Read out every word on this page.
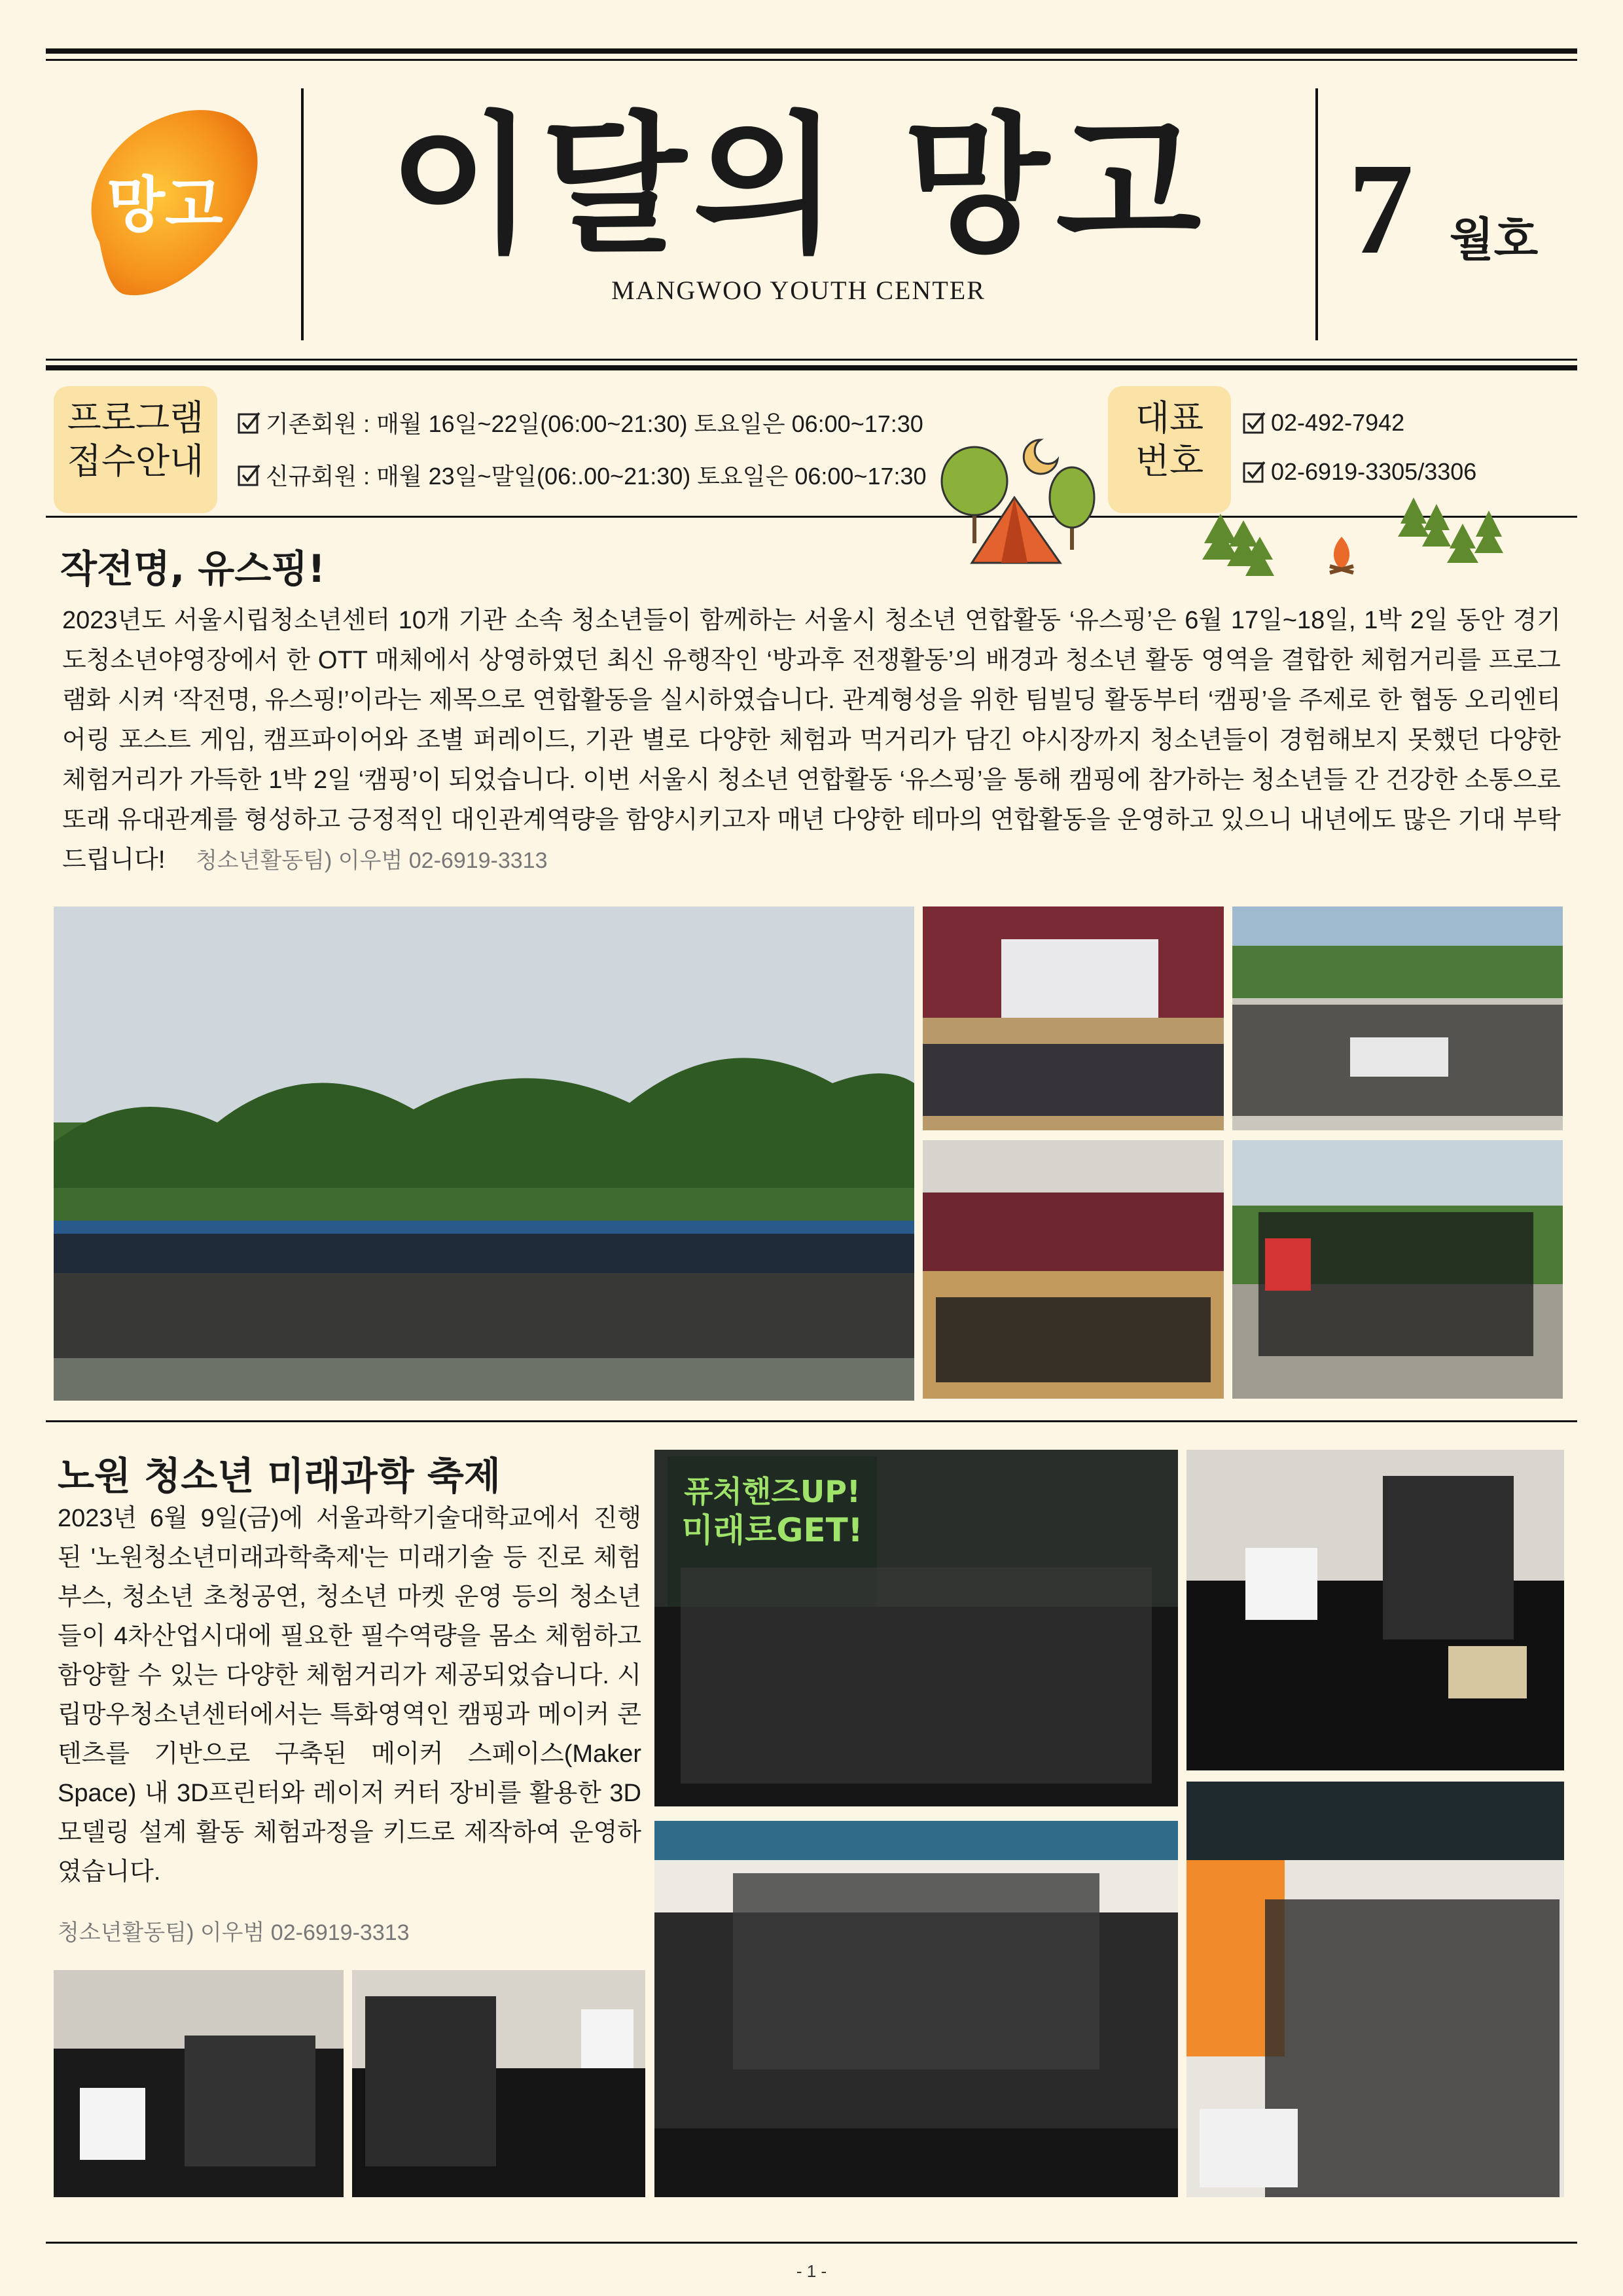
망고	이달의 망고
MANGWOO YOUTH CENTER
7 월호
프로그램
접수안내
기존회원 : 매월 16일~22일(06:00~21:30) 토요일은 06:00~17:30
신규회원 : 매월 23일~말일(06:.00~21:30) 토요일은 06:00~17:30
대표
번호
02-492-7942
02-6919-3305/3306
작전명, 유스핑!
2023년도 서울시립청소년센터 10개 기관 소속 청소년들이 함께하는 서울시 청소년 연합활동 ‘유스핑’은 6월 17일~18일, 1박 2일 동안 경기도청소년야영장에서 한 OTT 매체에서 상영하였던 최신 유행작인 ‘방과후 전쟁활동’의 배경과 청소년 활동 영역을 결합한 체험거리를 프로그램화 시켜 ‘작전명, 유스핑!’이라는 제목으로 연합활동을 실시하였습니다. 관계형성을 위한 팀빌딩 활동부터 ‘캠핑’을 주제로 한 협동 오리엔티어링 포스트 게임, 캠프파이어와 조별 퍼레이드, 기관 별로 다양한 체험과 먹거리가 담긴 야시장까지 청소년들이 경험해보지 못했던 다양한 체험거리가 가득한 1박 2일 ‘캠핑’이 되었습니다. 이번 서울시 청소년 연합활동 ‘유스핑’을 통해 캠핑에 참가하는 청소년들 간 건강한 소통으로 또래 유대관계를 형성하고 긍정적인 대인관계역량을 함양시키고자 매년 다양한 테마의 연합활동을 운영하고 있으니 내년에도 많은 기대 부탁드립니다! 청소년활동팀) 이우범 02-6919-3313
노원 청소년 미래과학 축제
2023년 6월 9일(금)에 서울과학기술대학교에서 진행 된 '노원청소년미래과학축제'는 미래기술 등 진로 체험 부스, 청소년 초청공연, 청소년 마켓 운영 등의 청소년들이 4차산업시대에 필요한 필수역량을 몸소 체험하고 함양할 수 있는 다양한 체험거리가 제공되었습니다. 시립망우청소년센터에서는 특화영역인 캠핑과 메이커 콘텐츠를 기반으로 구축된 메이커 스페이스(Maker Space) 내 3D프린터와 레이저 커터 장비를 활용한 3D 모델링 설계 활동 체험과정을 키드로 제작하여 운영하였습니다.
청소년활동팀) 이우범 02-6919-3313
퓨처핸즈UP!
미래로GET!
- 1 -
